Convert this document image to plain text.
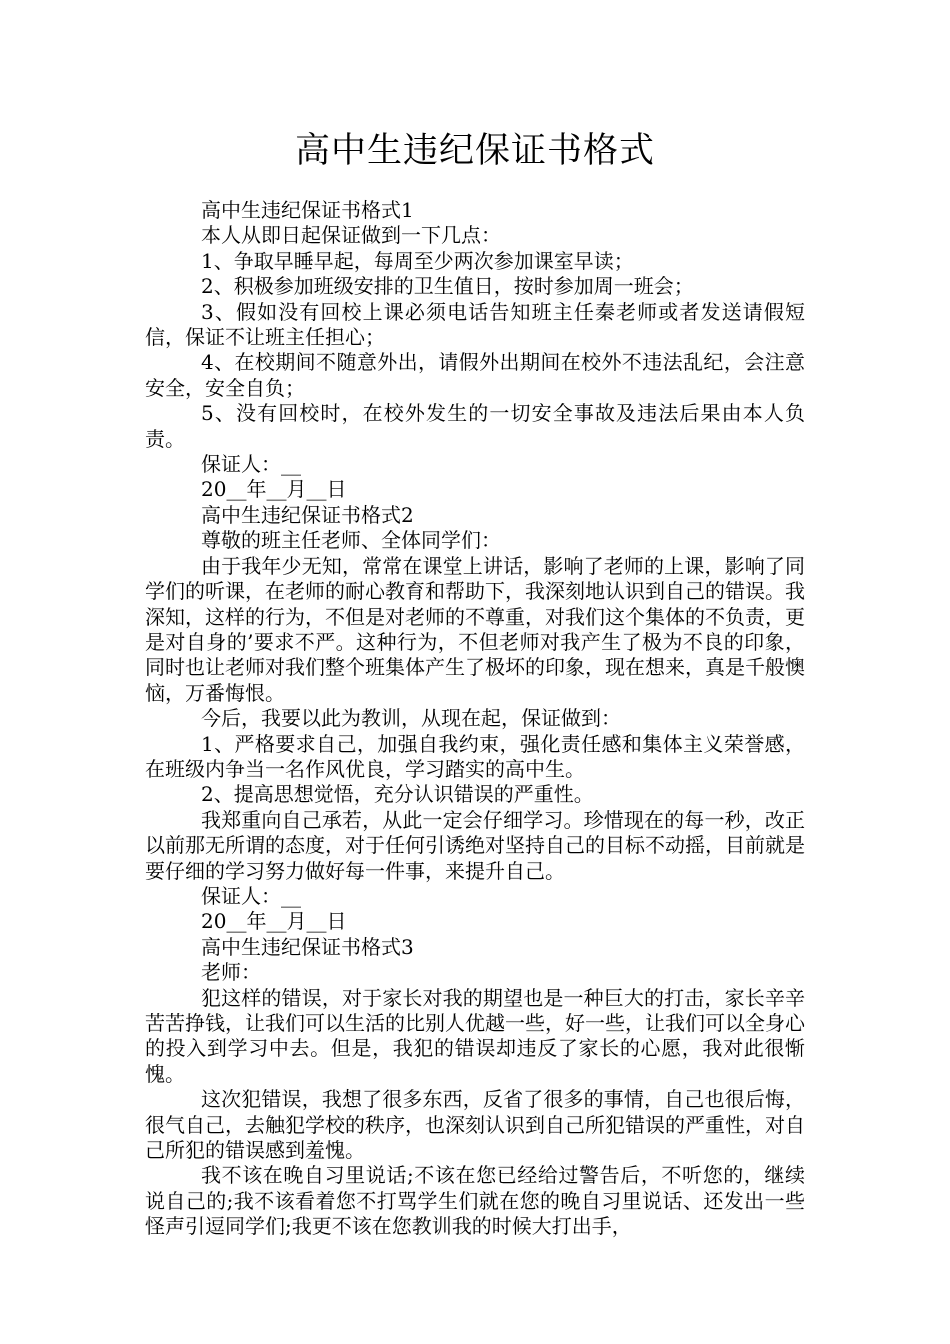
高中生违纪保证书格式

高中生违纪保证书格式1

本人从即日起保证做到一下几点：

1、争取早睡早起，每周至少两次参加课室早读；

2、积极参加班级安排的卫生值日，按时参加周一班会；

3、假如没有回校上课必须电话告知班主任秦老师或者发送请假短信，保证不让班主任担心；

4、在校期间不随意外出，请假外出期间在校外不违法乱纪，会注意安全，安全自负；

5、没有回校时，在校外发生的一切安全事故及违法后果由本人负责。

保证人：__

20__年__月__日

高中生违纪保证书格式2

尊敬的班主任老师、全体同学们：

由于我年少无知，常常在课堂上讲话，影响了老师的上课，影响了同学们的听课，在老师的耐心教育和帮助下，我深刻地认识到自己的错误。我深知，这样的行为，不但是对老师的不尊重，对我们这个集体的不负责，更是对自身的’要求不严。这种行为，不但老师对我产生了极为不良的印象，同时也让老师对我们整个班集体产生了极坏的印象，现在想来，真是千般懊恼，万番悔恨。

今后，我要以此为教训，从现在起，保证做到：

1、严格要求自己，加强自我约束，强化责任感和集体主义荣誉感，在班级内争当一名作风优良，学习踏实的高中生。

2、提高思想觉悟，充分认识错误的严重性。

我郑重向自己承若，从此一定会仔细学习。珍惜现在的每一秒，改正以前那无所谓的态度，对于任何引诱绝对坚持自己的目标不动摇，目前就是要仔细的学习努力做好每一件事，来提升自己。

保证人：__

20__年__月__日

高中生违纪保证书格式3

老师：

犯这样的错误，对于家长对我的期望也是一种巨大的打击，家长辛辛苦苦挣钱，让我们可以生活的比别人优越一些，好一些，让我们可以全身心的投入到学习中去。但是，我犯的错误却违反了家长的心愿，我对此很惭愧。

这次犯错误，我想了很多东西，反省了很多的事情，自己也很后悔，很气自己，去触犯学校的秩序，也深刻认识到自己所犯错误的严重性，对自己所犯的错误感到羞愧。

我不该在晚自习里说话;不该在您已经给过警告后，不听您的，继续说自己的;我不该看着您不打骂学生们就在您的晚自习里说话、还发出一些怪声引逗同学们;我更不该在您教训我的时候大打出手，
